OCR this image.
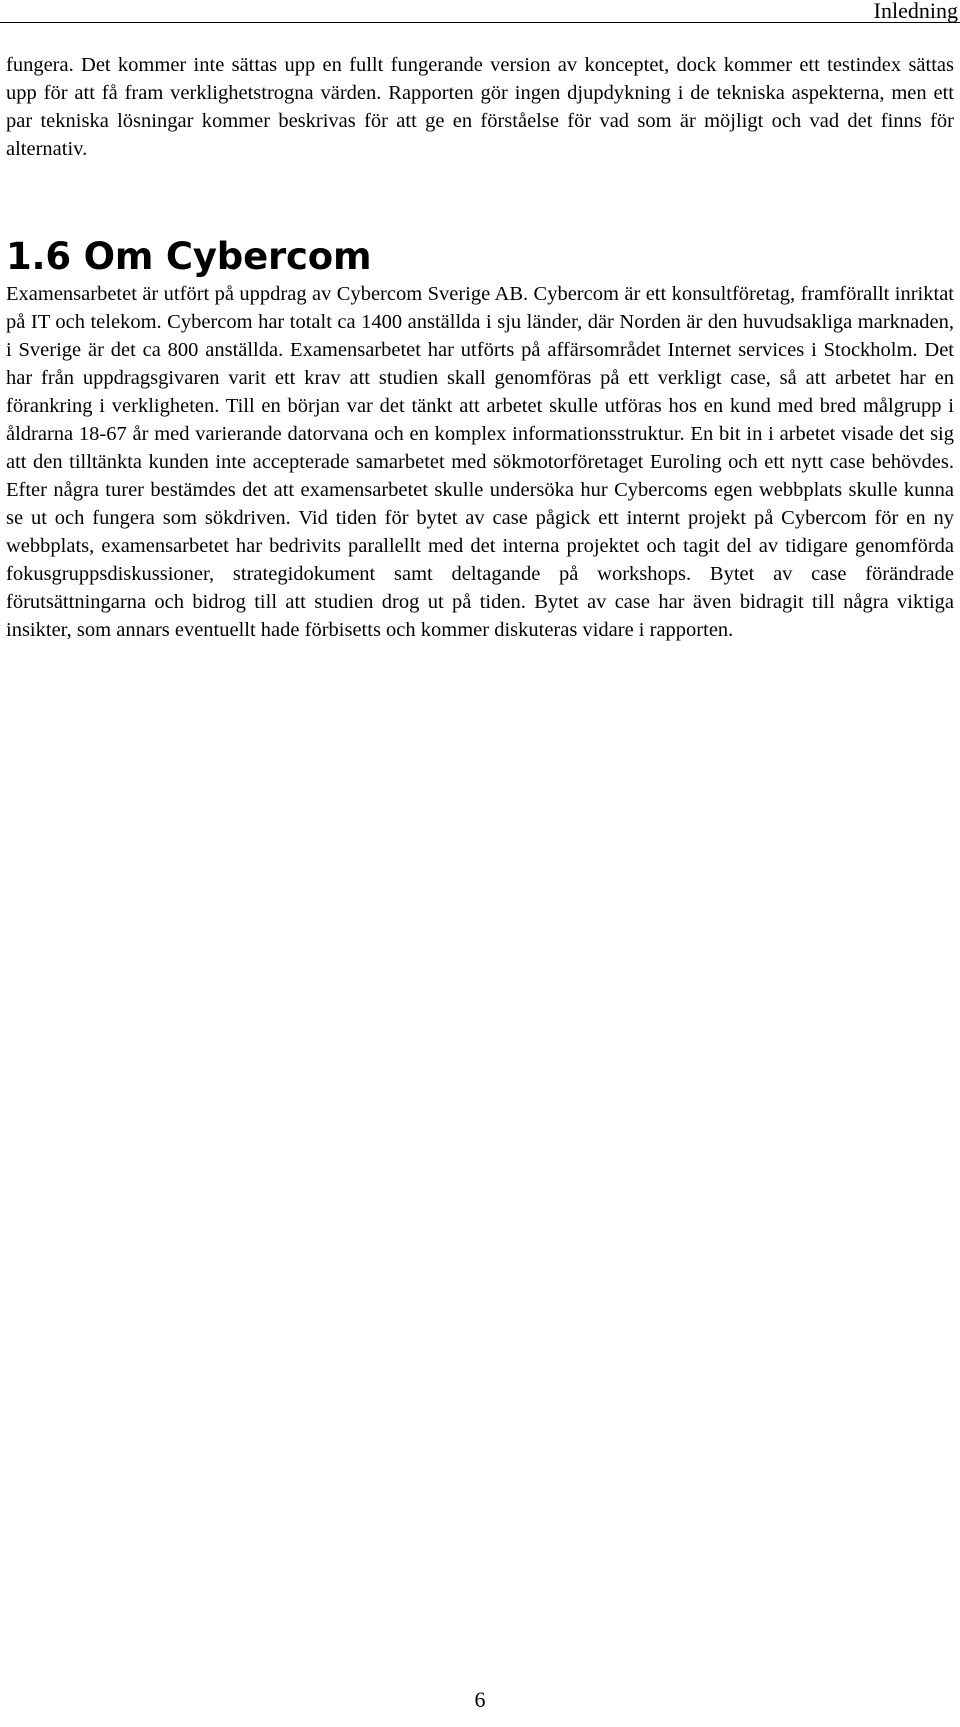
Inledning

fungera. Det kommer inte sättas upp en fullt fungerande version av konceptet, dock kommer ett testindex sättas upp för att få fram verklighetstrogna värden. Rapporten gör ingen djupdykning i de tekniska aspekterna, men ett par tekniska lösningar kommer beskrivas för att ge en förståelse för vad som är möjligt och vad det finns för alternativ.

1.6 Om Cybercom

Examensarbetet är utfört på uppdrag av Cybercom Sverige AB. Cybercom är ett konsultföretag, framförallt inriktat på IT och telekom. Cybercom har totalt ca 1400 anställda i sju länder, där Norden är den huvudsakliga marknaden, i Sverige är det ca 800 anställda. Examensarbetet har utförts på affärsområdet Internet services i Stockholm. Det har från uppdragsgivaren varit ett krav att studien skall genomföras på ett verkligt case, så att arbetet har en förankring i verkligheten. Till en början var det tänkt att arbetet skulle utföras hos en kund med bred målgrupp i åldrarna 18-67 år med varierande datorvana och en komplex informationsstruktur. En bit in i arbetet visade det sig att den tilltänkta kunden inte accepterade samarbetet med sökmotorföretaget Euroling och ett nytt case behövdes. Efter några turer bestämdes det att examensarbetet skulle undersöka hur Cybercoms egen webbplats skulle kunna se ut och fungera som sökdriven. Vid tiden för bytet av case pågick ett internt projekt på Cybercom för en ny webbplats, examensarbetet har bedrivits parallellt med det interna projektet och tagit del av tidigare genomförda fokusgruppsdiskussioner, strategidokument samt deltagande på workshops. Bytet av case förändrade förutsättningarna och bidrog till att studien drog ut på tiden. Bytet av case har även bidragit till några viktiga insikter, som annars eventuellt hade förbisetts och kommer diskuteras vidare i rapporten.

6
